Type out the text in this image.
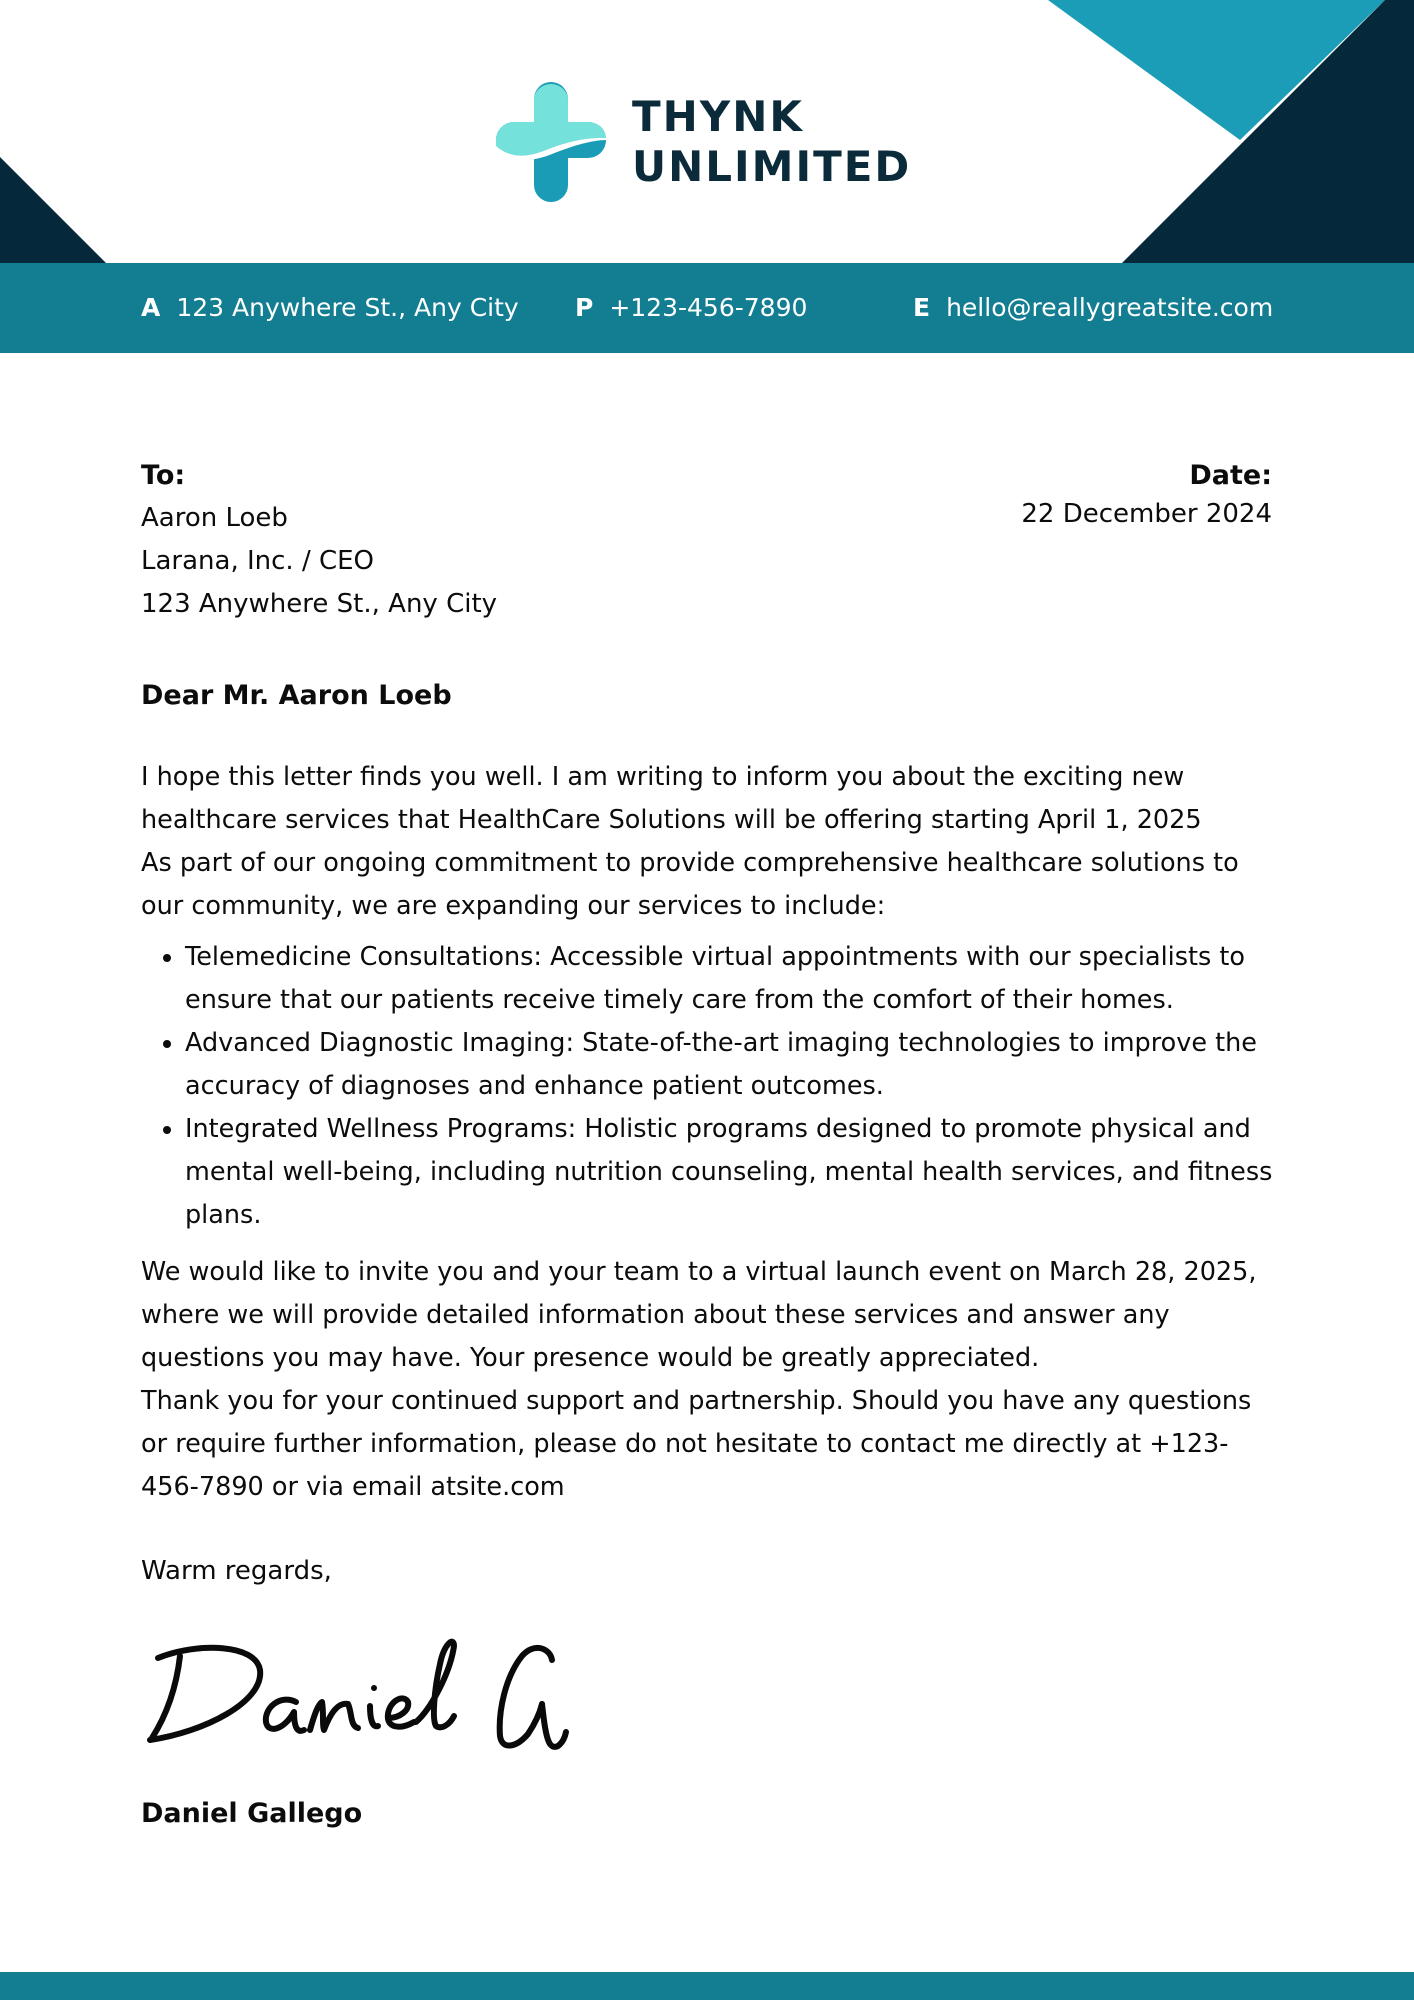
THYNK
UNLIMITED
A 123 Anywhere St., Any City P +123-456-7890	E hello@reallygreatsite.com
To:
Aaron Loeb
Larana, Inc. / CEO
123 Anywhere St., Any City
Date:
22 December 2024
Dear Mr. Aaron Loeb

I hope this letter finds you well. I am writing to inform you about the exciting new healthcare services that HealthCare Solutions will be offering starting April 1, 2025

As part of our ongoing commitment to provide comprehensive healthcare solutions to our community, we are expanding our services to include:

• Telemedicine Consultations: Accessible virtual appointments with our specialists to ensure that our patients receive timely care from the comfort of their homes.
• Advanced Diagnostic Imaging: State-of-the-art imaging technologies to improve the accuracy of diagnoses and enhance patient outcomes.
• Integrated Wellness Programs: Holistic programs designed to promote physical and mental well-being, including nutrition counseling, mental health services, and fitness plans.

We would like to invite you and your team to a virtual launch event on March 28, 2025, where we will provide detailed information about these services and answer any questions you may have. Your presence would be greatly appreciated.

Thank you for your continued support and partnership. Should you have any questions or require further information, please do not hesitate to contact me directly at +123-456-7890 or via email atsite.com

Warm regards,
Daniel Gallego
